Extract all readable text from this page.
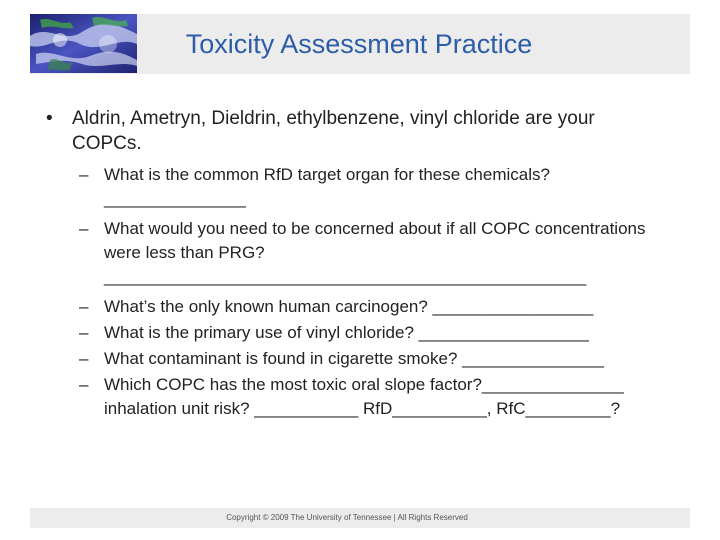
Toxicity Assessment Practice
• Aldrin, Ametryn, Dieldrin, ethylbenzene, vinyl chloride are your COPCs.
– What is the common RfD target organ for these chemicals? _______________
– What would you need to be concerned about if all COPC concentrations were less than PRG? ___________________________________________________
– What’s the only known human carcinogen? _________________
– What is the primary use of vinyl chloride? __________________
– What contaminant is found in cigarette smoke? _______________
– Which COPC has the most toxic oral slope factor?_______________ inhalation unit risk? ___________ RfD__________, RfC_________?
Copyright © 2009 The University of Tennessee | All Rights Reserved
